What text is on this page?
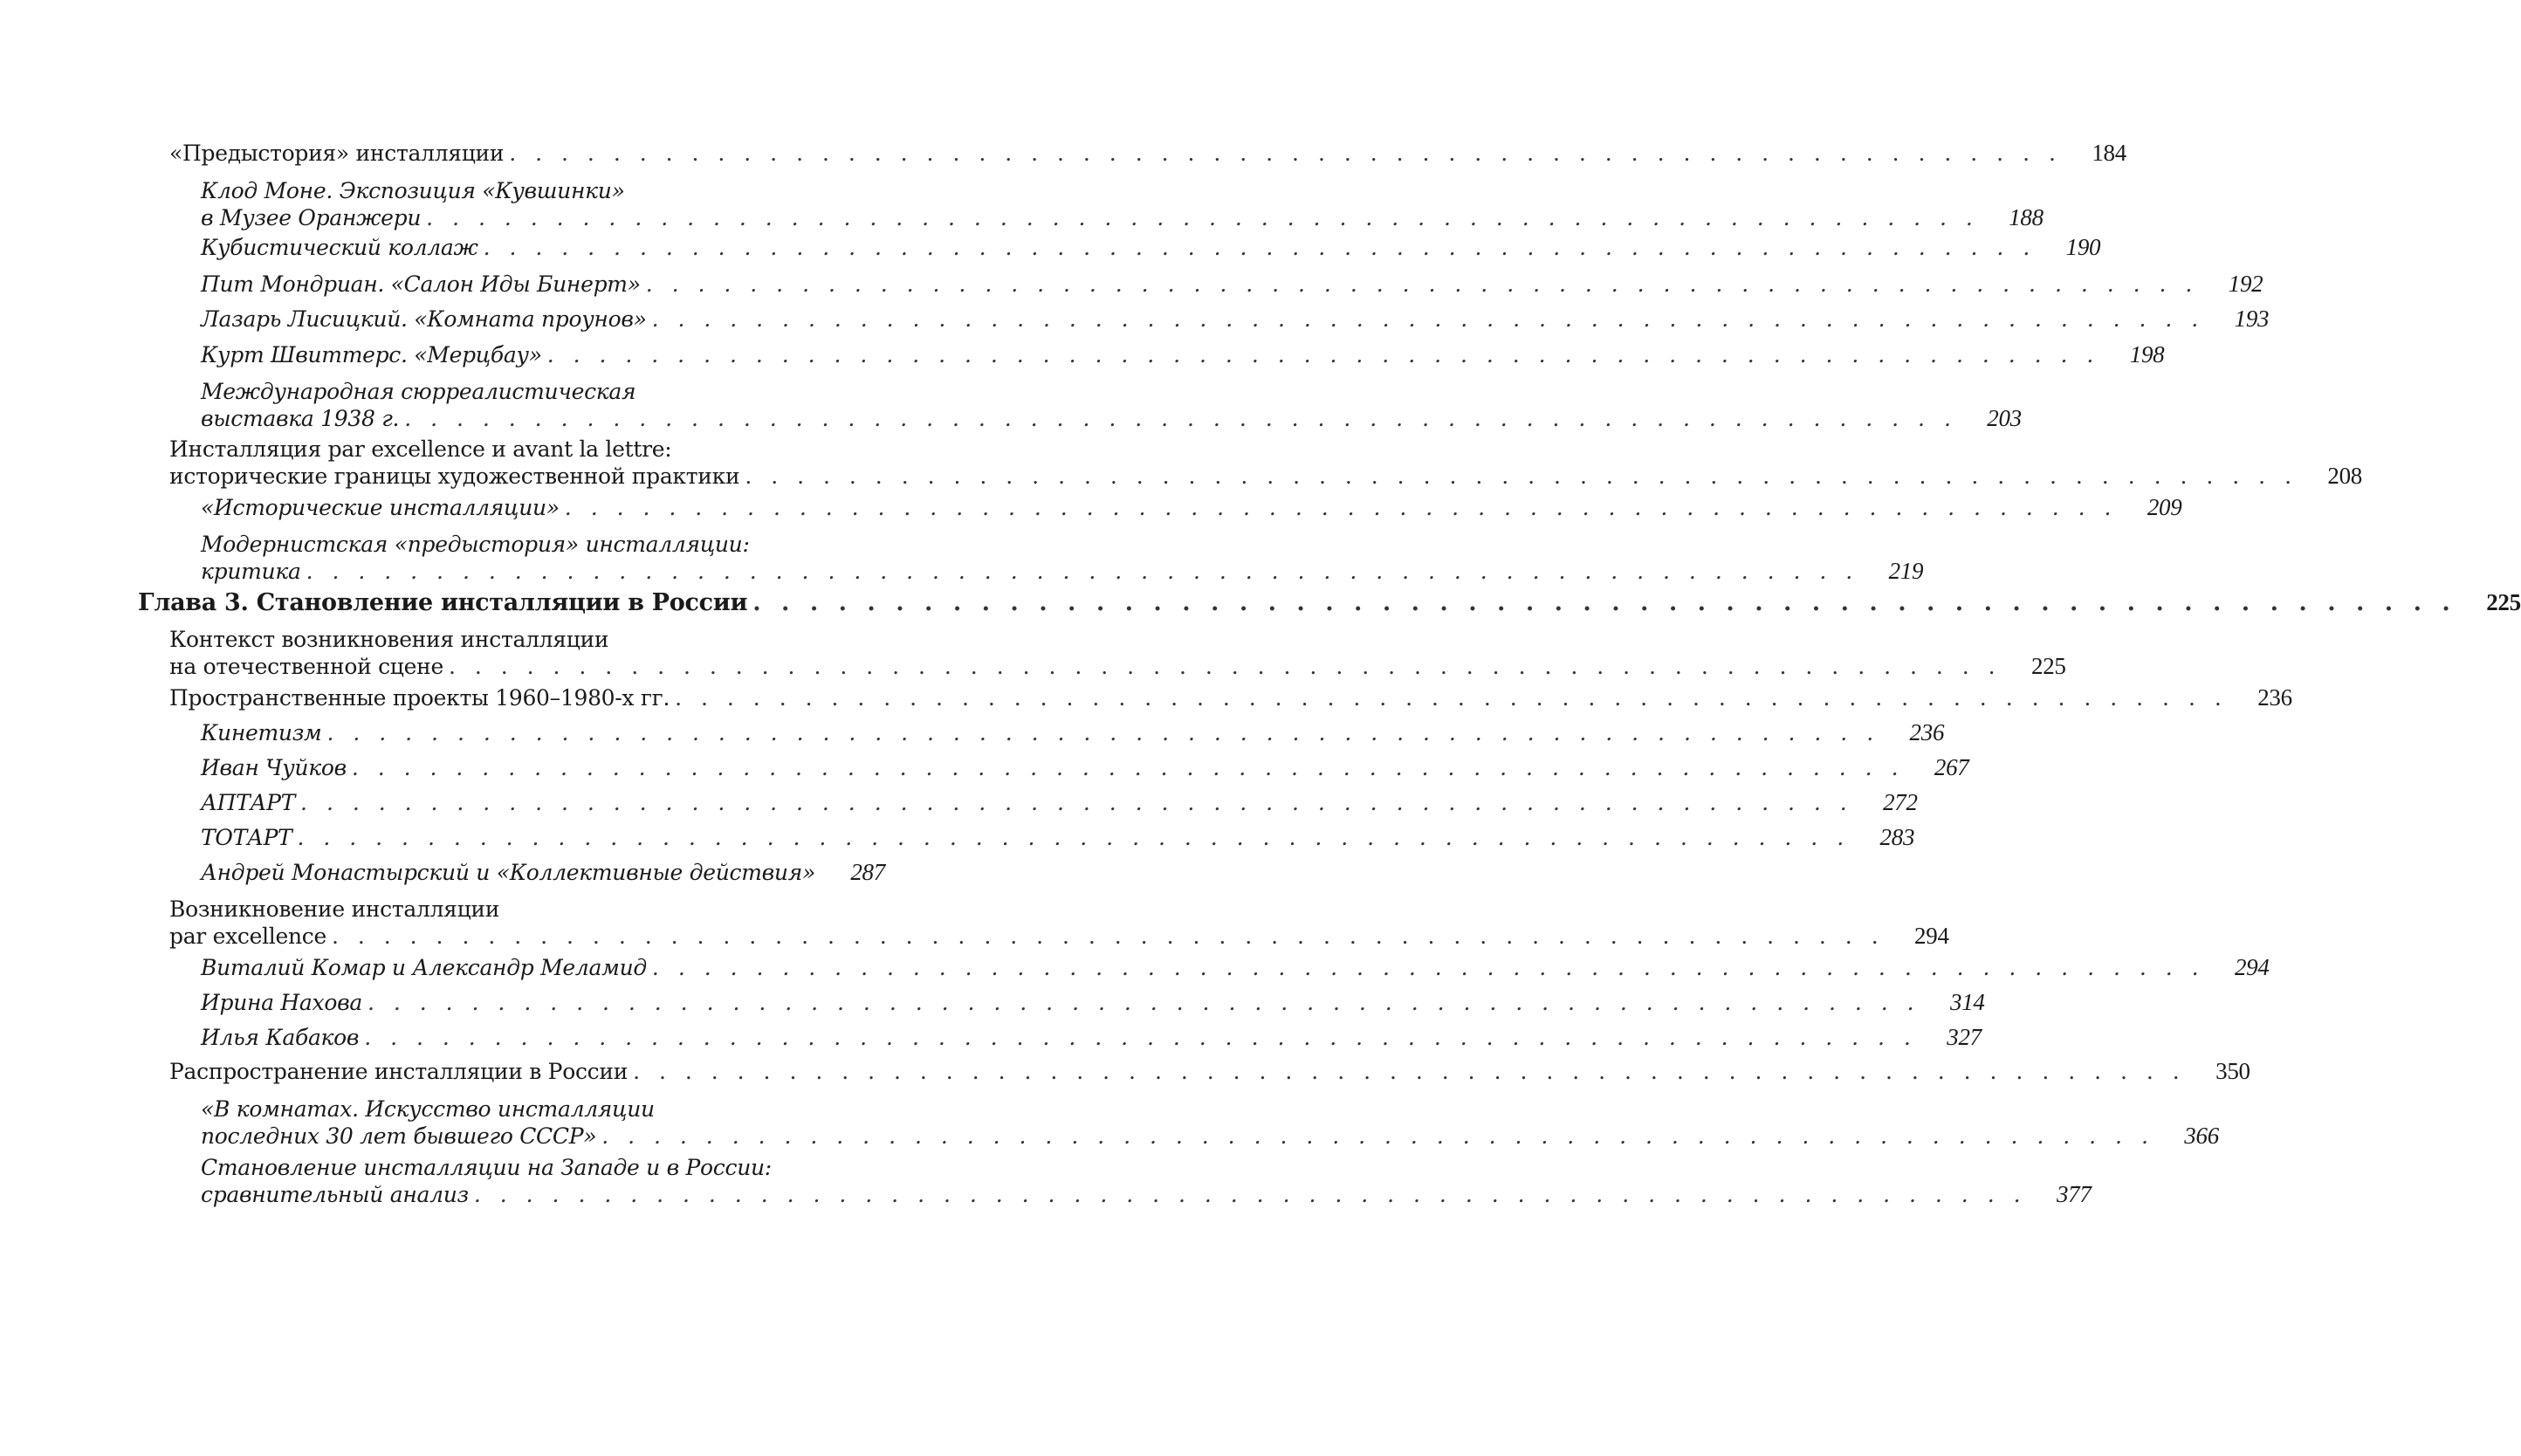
«Предыстория» инсталляции . . . . . . . . . . . . . . . . . . . . . . . . . . . . . . . . . . . . . . . . . . . . . . . . . . . . . . . . . . . .	184
Клод Моне. Экспозиция «Кувшинки»
в Музее Оранжери . . . . . . . . . . . . . . . . . . . . . . . . . . . . . . . . . . . . . . . . . . . . . . . . . . . . . . . . . . . .	188
Кубистический коллаж . . . . . . . . . . . . . . . . . . . . . . . . . . . . . . . . . . . . . . . . . . . . . . . . . . . . . . . . . . . .	190
Пит Мондриан. «Салон Иды Бинерт» . . . . . . . . . . . . . . . . . . . . . . . . . . . . . . . . . . . . . . . . . . . . . . . . . . . . . . . . . . . .	192
Лазарь Лисицкий. «Комната проунов» . . . . . . . . . . . . . . . . . . . . . . . . . . . . . . . . . . . . . . . . . . . . . . . . . . . . . . . . . . . .	193
Курт Швиттерс. «Мерцбау» . . . . . . . . . . . . . . . . . . . . . . . . . . . . . . . . . . . . . . . . . . . . . . . . . . . . . . . . . . . .	198
Международная сюрреалистическая
выставка 1938 г. . . . . . . . . . . . . . . . . . . . . . . . . . . . . . . . . . . . . . . . . . . . . . . . . . . . . . . . . . . . .	203
Инсталляция par excellence и avant la lettre:
исторические границы художественной практики . . . . . . . . . . . . . . . . . . . . . . . . . . . . . . . . . . . . . . . . . . . . . . . . . . . . . . . . . . . .	208
«Исторические инсталляции» . . . . . . . . . . . . . . . . . . . . . . . . . . . . . . . . . . . . . . . . . . . . . . . . . . . . . . . . . . . .	209
Модернистская «предыстория» инсталляции:
критика . . . . . . . . . . . . . . . . . . . . . . . . . . . . . . . . . . . . . . . . . . . . . . . . . . . . . . . . . . . .	219
Глава 3. Становление инсталляции в России . . . . . . . . . . . . . . . . . . . . . . . . . . . . . . . . . . . . . . . . . . . . . . . . . . . . . . . . . . . .	225
Контекст возникновения инсталляции
на отечественной сцене . . . . . . . . . . . . . . . . . . . . . . . . . . . . . . . . . . . . . . . . . . . . . . . . . . . . . . . . . . . .	225
Пространственные проекты 1960–1980-х гг. . . . . . . . . . . . . . . . . . . . . . . . . . . . . . . . . . . . . . . . . . . . . . . . . . . . . . . . . . . . .	236
Кинетизм . . . . . . . . . . . . . . . . . . . . . . . . . . . . . . . . . . . . . . . . . . . . . . . . . . . . . . . . . . . .	236
Иван Чуйков . . . . . . . . . . . . . . . . . . . . . . . . . . . . . . . . . . . . . . . . . . . . . . . . . . . . . . . . . . . .	267
АПТАРТ . . . . . . . . . . . . . . . . . . . . . . . . . . . . . . . . . . . . . . . . . . . . . . . . . . . . . . . . . . . .	272
ТОТАРТ . . . . . . . . . . . . . . . . . . . . . . . . . . . . . . . . . . . . . . . . . . . . . . . . . . . . . . . . . . . .	283
Андрей Монастырский и «Коллективные действия»	287
Возникновение инсталляции
par excellence . . . . . . . . . . . . . . . . . . . . . . . . . . . . . . . . . . . . . . . . . . . . . . . . . . . . . . . . . . . .	294
Виталий Комар и Александр Меламид . . . . . . . . . . . . . . . . . . . . . . . . . . . . . . . . . . . . . . . . . . . . . . . . . . . . . . . . . . . .	294
Ирина Нахова . . . . . . . . . . . . . . . . . . . . . . . . . . . . . . . . . . . . . . . . . . . . . . . . . . . . . . . . . . . .	314
Илья Кабаков . . . . . . . . . . . . . . . . . . . . . . . . . . . . . . . . . . . . . . . . . . . . . . . . . . . . . . . . . . . .	327
Распространение инсталляции в России . . . . . . . . . . . . . . . . . . . . . . . . . . . . . . . . . . . . . . . . . . . . . . . . . . . . . . . . . . . .	350
«В комнатах. Искусство инсталляции
последних 30 лет бывшего СССР» . . . . . . . . . . . . . . . . . . . . . . . . . . . . . . . . . . . . . . . . . . . . . . . . . . . . . . . . . . . .	366
Становление инсталляции на Западе и в России:
сравнительный анализ . . . . . . . . . . . . . . . . . . . . . . . . . . . . . . . . . . . . . . . . . . . . . . . . . . . . . . . . . . . .	377
